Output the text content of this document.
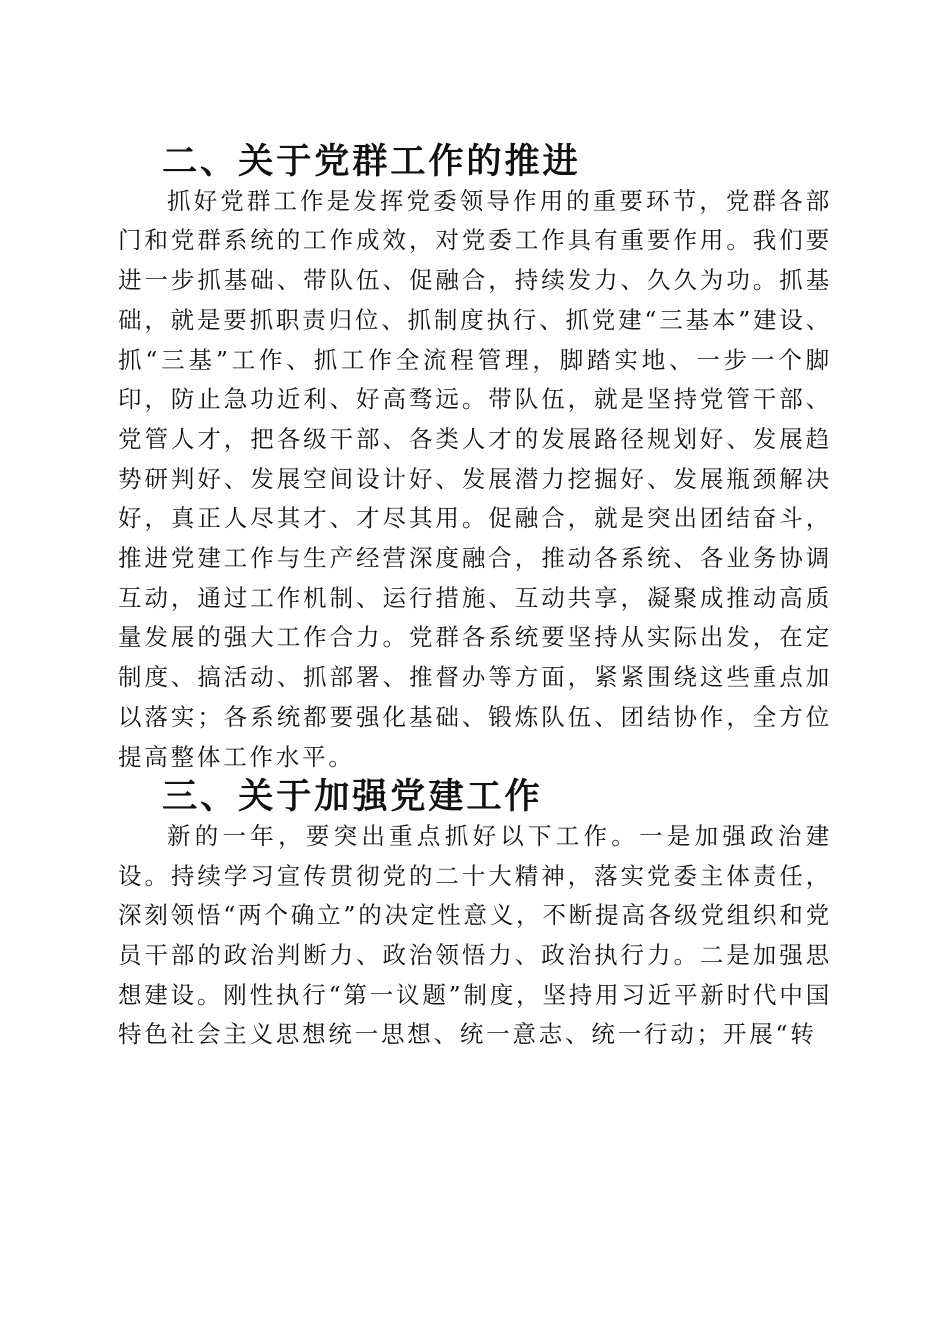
二、关于党群工作的推进

抓好党群工作是发挥党委领导作用的重要环节，党群各部门和党群系统的工作成效，对党委工作具有重要作用。我们要进一步抓基础、带队伍、促融合，持续发力、久久为功。抓基础，就是要抓职责归位、抓制度执行、抓党建“三基本”建设、抓“三基”工作、抓工作全流程管理，脚踏实地、一步一个脚印，防止急功近利、好高骛远。带队伍，就是坚持党管干部、党管人才，把各级干部、各类人才的发展路径规划好、发展趋势研判好、发展空间设计好、发展潜力挖掘好、发展瓶颈解决好，真正人尽其才、才尽其用。促融合，就是突出团结奋斗，推进党建工作与生产经营深度融合，推动各系统、各业务协调互动，通过工作机制、运行措施、互动共享，凝聚成推动高质量发展的强大工作合力。党群各系统要坚持从实际出发，在定制度、搞活动、抓部署、推督办等方面，紧紧围绕这些重点加以落实；各系统都要强化基础、锻炼队伍、团结协作，全方位提高整体工作水平。

三、关于加强党建工作

新的一年，要突出重点抓好以下工作。一是加强政治建设。持续学习宣传贯彻党的二十大精神，落实党委主体责任，深刻领悟“两个确立”的决定性意义，不断提高各级党组织和党员干部的政治判断力、政治领悟力、政治执行力。二是加强思想建设。刚性执行“第一议题”制度，坚持用习近平新时代中国特色社会主义思想统一思想、统一意志、统一行动；开展“转
